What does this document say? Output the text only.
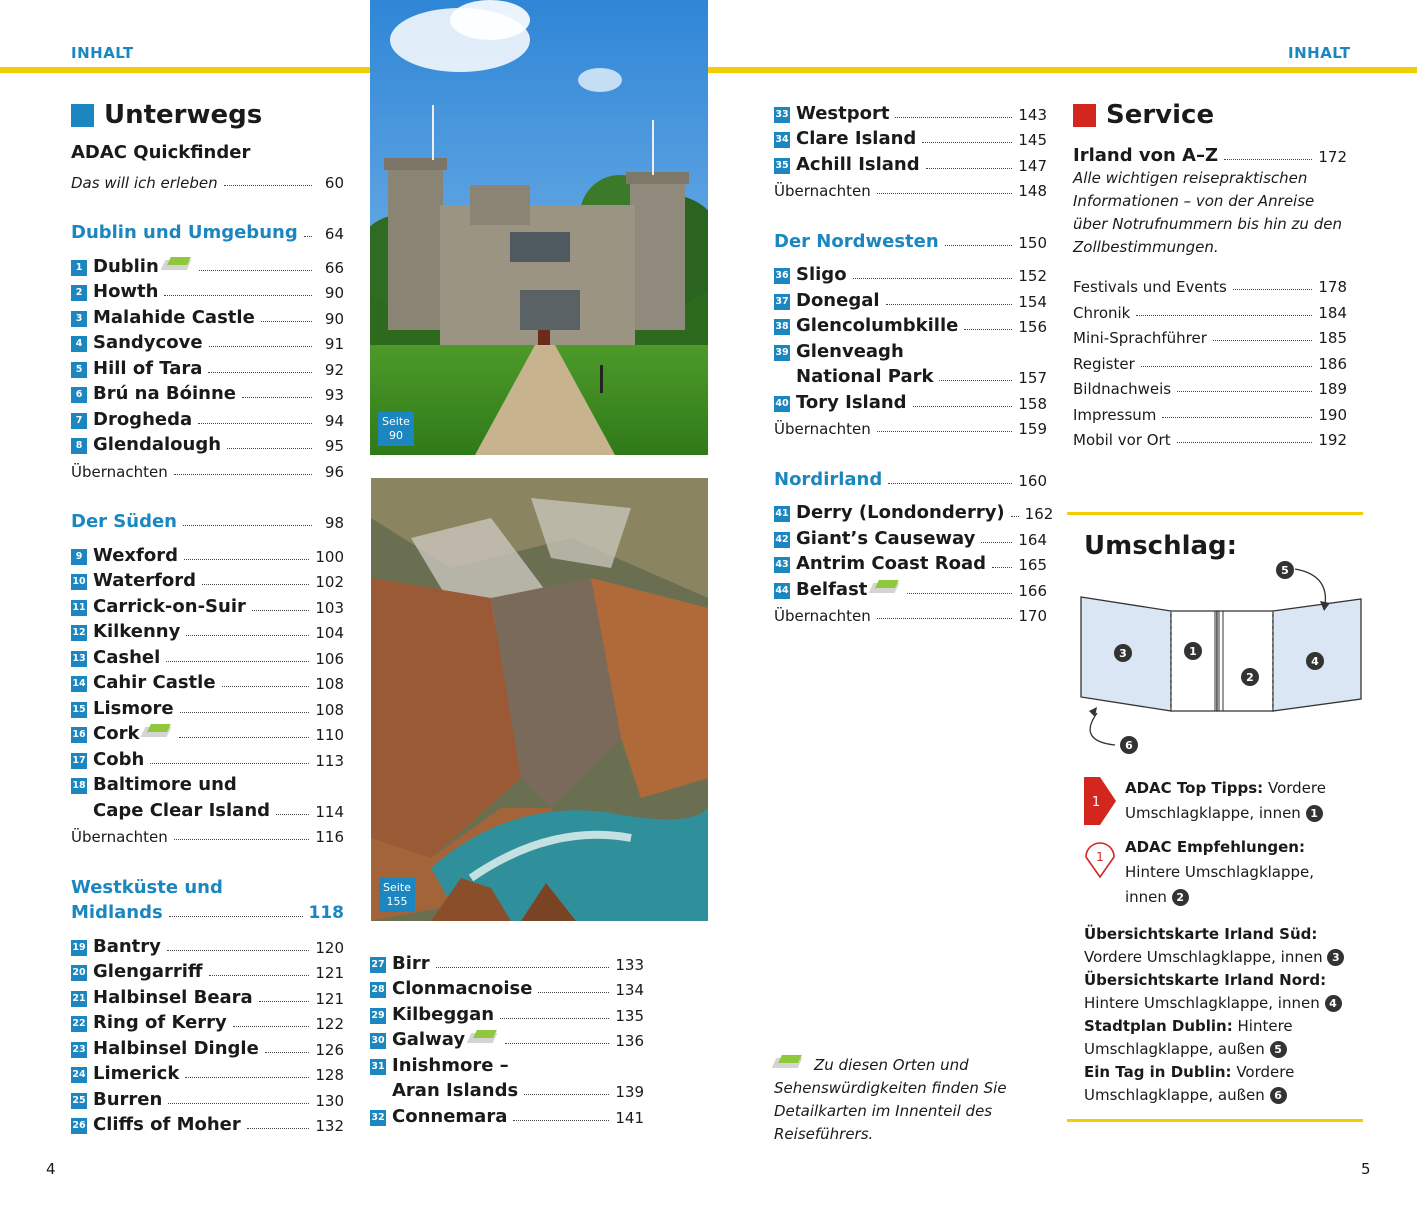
INHALT	INHALT
Unterwegs
ADAC Quickfinder
Das will ich erleben	60
Dublin und Umgebung	64
1 Dublin	66
2 Howth	90
3 Malahide Castle	90
4 Sandycove	91
5 Hill of Tara	92
6 Brú na Bóinne	93
7 Drogheda	94
8 Glendalough	95
Übernachten	96
Der Süden	98
9 Wexford	100
10 Waterford	102
11 Carrick-on-Suir	103
12 Kilkenny	104
13 Cashel	106
14 Cahir Castle	108
15 Lismore	108
16 Cork	110
17 Cobh	113
18 Baltimore und
Cape Clear Island	114
Übernachten	116
Westküste und
Midlands	118
19 Bantry	120
20 Glengarriff	121
21 Halbinsel Beara	121
22 Ring of Kerry	122
23 Halbinsel Dingle	126
24 Limerick	128
25 Burren	130
26 Cliffs of Moher	132
Seite
90
Seite
155
27 Birr	133
28 Clonmacnoise	134
29 Kilbeggan	135
30 Galway	136
31 Inishmore –
Aran Islands	139
32 Connemara	141
33 Westport	143
34 Clare Island	145
35 Achill Island	147
Übernachten	148
Der Nordwesten	150
36 Sligo	152
37 Donegal	154
38 Glencolumbkille	156
39 Glenveagh
National Park	157
40 Tory Island	158
Übernachten	159
Nordirland	160
41 Derry (Londonderry) 162
42 Giant’s Causeway	164
43 Antrim Coast Road 165
44 Belfast	166
Übernachten	170
Zu diesen Orten und Sehenswürdigkeiten finden Sie Detailkarten im Innenteil des Reiseführers.
Service
Irland von A–Z	172
Alle wichtigen reisepraktischen Informationen – von der Anreise über Notrufnummern bis hin zu den Zollbestimmungen.
Festivals und Events	178
Chronik	184
Mini-Sprachführer	185
Register	186
Bildnachweis	189
Impressum	190
Mobil vor Ort	192
Umschlag:
3	1
2
4
5
6
1
ADAC Top Tipps: Vordere Umschlagklappe, innen 1
1
ADAC Empfehlungen: Hintere Umschlagklappe, innen 2
Übersichtskarte Irland Süd:
Vordere Umschlagklappe, innen 3
Übersichtskarte Irland Nord:
Hintere Umschlagklappe, innen 4
Stadtplan Dublin: Hintere Umschlagklappe, außen 5
Ein Tag in Dublin: Vordere Umschlagklappe, außen 6
4	5
